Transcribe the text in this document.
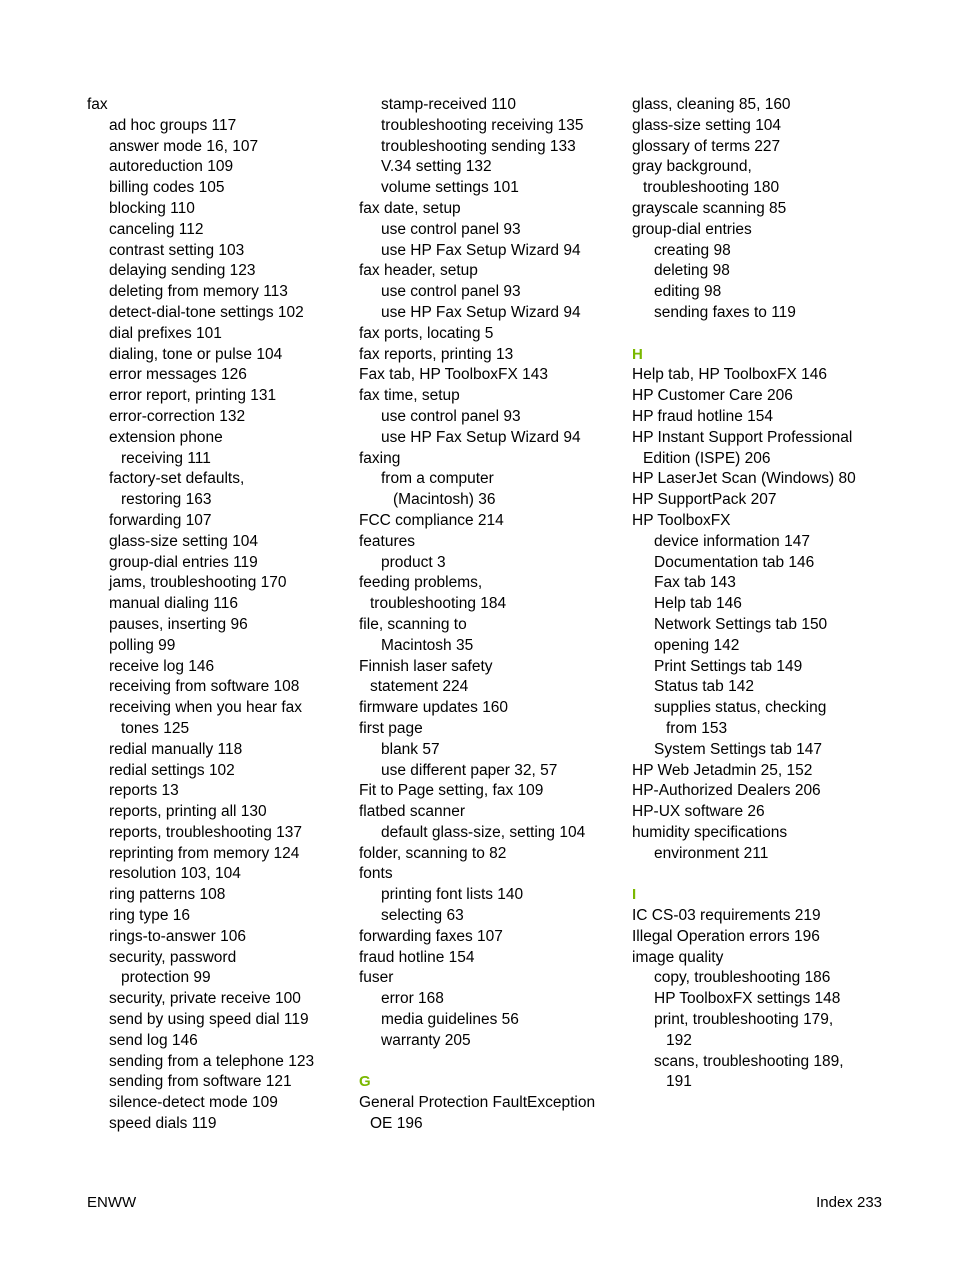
fax
ad hoc groups 117
answer mode 16, 107
autoreduction 109
billing codes 105
blocking 110
canceling 112
contrast setting 103
delaying sending 123
deleting from memory 113
detect-dial-tone settings 102
dial prefixes 101
dialing, tone or pulse 104
error messages 126
error report, printing 131
error-correction 132
extension phone
receiving 111
factory-set defaults,
restoring 163
forwarding 107
glass-size setting 104
group-dial entries 119
jams, troubleshooting 170
manual dialing 116
pauses, inserting 96
polling 99
receive log 146
receiving from software 108
receiving when you hear fax
tones 125
redial manually 118
redial settings 102
reports 13
reports, printing all 130
reports, troubleshooting 137
reprinting from memory 124
resolution 103, 104
ring patterns 108
ring type 16
rings-to-answer 106
security, password
protection 99
security, private receive 100
send by using speed dial 119
send log 146
sending from a telephone 123
sending from software 121
silence-detect mode 109
speed dials 119
stamp-received 110
troubleshooting receiving 135
troubleshooting sending 133
V.34 setting 132
volume settings 101
fax date, setup
use control panel 93
use HP Fax Setup Wizard 94
fax header, setup
use control panel 93
use HP Fax Setup Wizard 94
fax ports, locating 5
fax reports, printing 13
Fax tab, HP ToolboxFX 143
fax time, setup
use control panel 93
use HP Fax Setup Wizard 94
faxing
from a computer
(Macintosh) 36
FCC compliance 214
features
product 3
feeding problems,
troubleshooting 184
file, scanning to
Macintosh 35
Finnish laser safety
statement 224
firmware updates 160
first page
blank 57
use different paper 32, 57
Fit to Page setting, fax 109
flatbed scanner
default glass-size, setting 104
folder, scanning to 82
fonts
printing font lists 140
selecting 63
forwarding faxes 107
fraud hotline 154
fuser
error 168
media guidelines 56
warranty 205
G
General Protection FaultException
OE 196
glass, cleaning 85, 160
glass-size setting 104
glossary of terms 227
gray background,
troubleshooting 180
grayscale scanning 85
group-dial entries
creating 98
deleting 98
editing 98
sending faxes to 119
H
Help tab, HP ToolboxFX 146
HP Customer Care 206
HP fraud hotline 154
HP Instant Support Professional
Edition (ISPE) 206
HP LaserJet Scan (Windows) 80
HP SupportPack 207
HP ToolboxFX
device information 147
Documentation tab 146
Fax tab 143
Help tab 146
Network Settings tab 150
opening 142
Print Settings tab 149
Status tab 142
supplies status, checking
from 153
System Settings tab 147
HP Web Jetadmin 25, 152
HP-Authorized Dealers 206
HP-UX software 26
humidity specifications
environment 211
I
IC CS-03 requirements 219
Illegal Operation errors 196
image quality
copy, troubleshooting 186
HP ToolboxFX settings 148
print, troubleshooting 179,
192
scans, troubleshooting 189,
191
ENWW	Index 233
